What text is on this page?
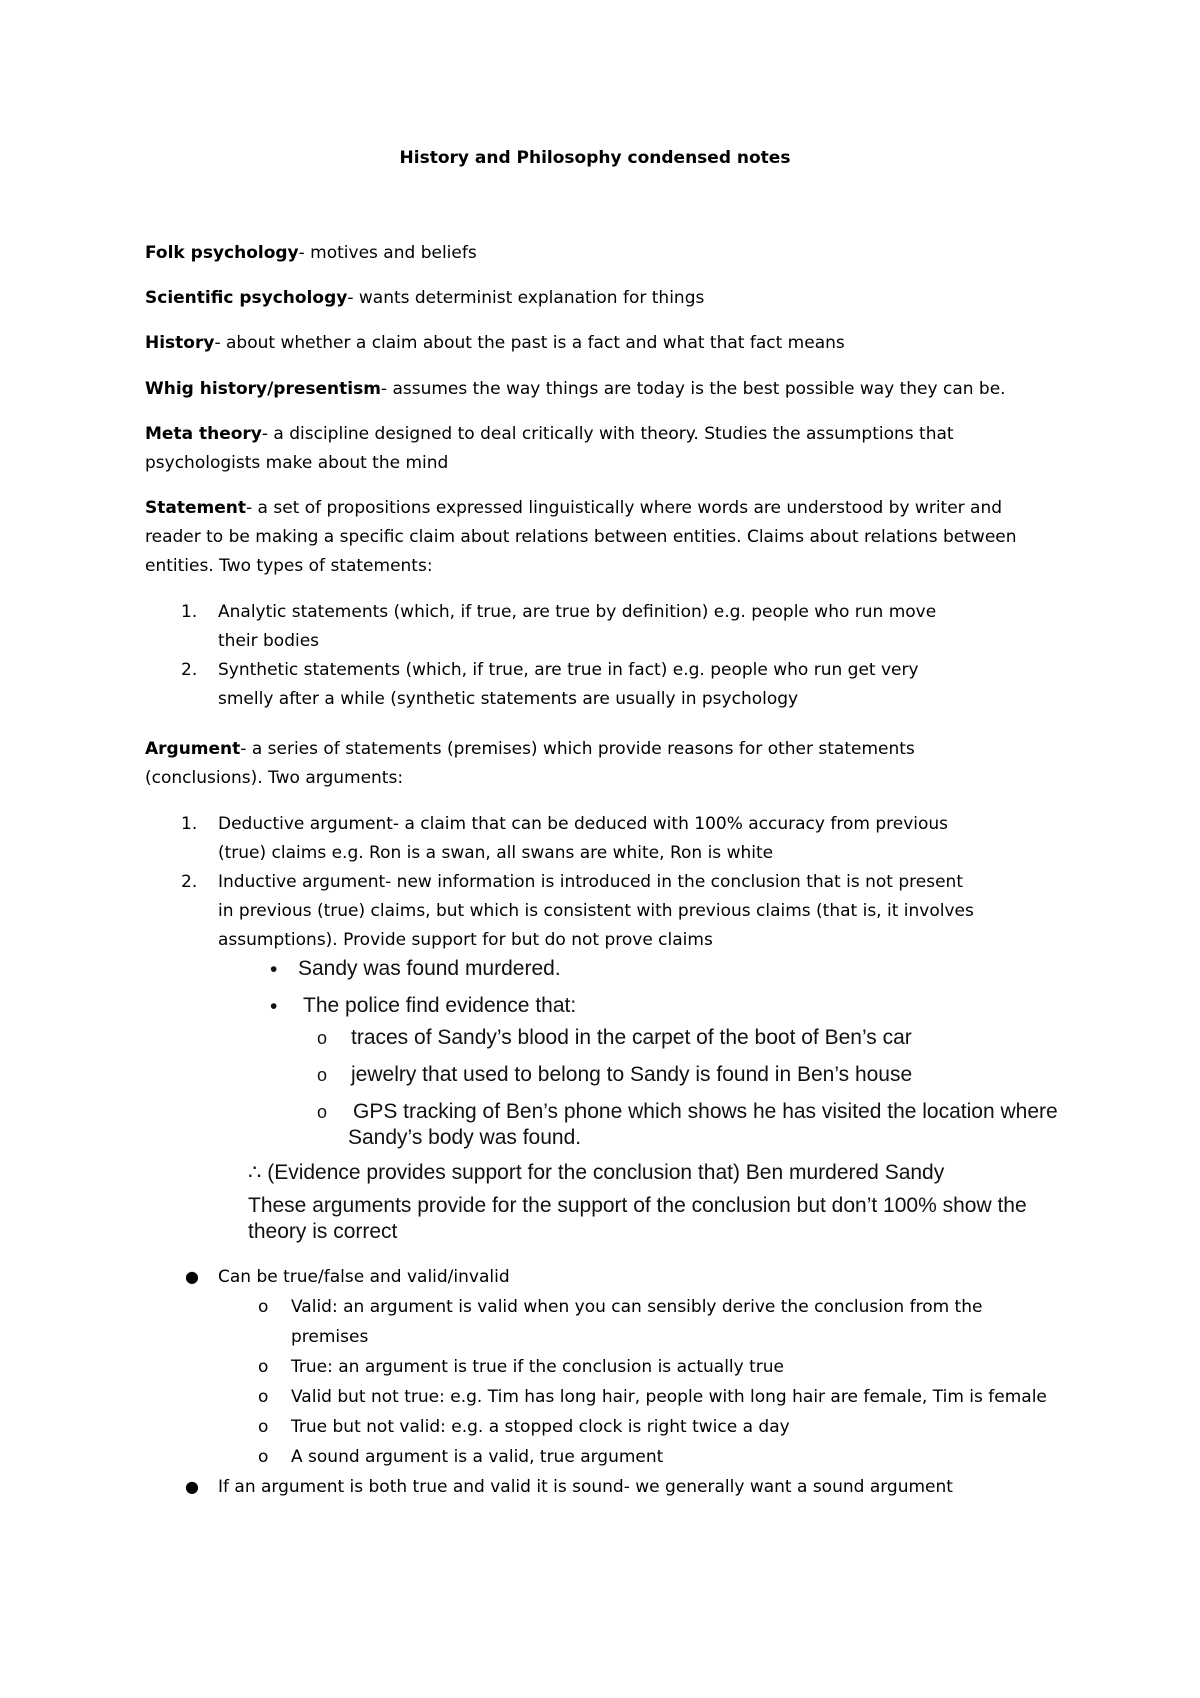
History and Philosophy condensed notes
Folk psychology- motives and beliefs
Scientific psychology- wants determinist explanation for things
History- about whether a claim about the past is a fact and what that fact means
Whig history/presentism- assumes the way things are today is the best possible way they can be.
Meta theory- a discipline designed to deal critically with theory. Studies the assumptions that psychologists make about the mind
Statement- a set of propositions expressed linguistically where words are understood by writer and reader to be making a specific claim about relations between entities. Claims about relations between entities. Two types of statements:
1. Analytic statements (which, if true, are true by definition) e.g. people who run move their bodies
2. Synthetic statements (which, if true, are true in fact) e.g. people who run get very smelly after a while (synthetic statements are usually in psychology
Argument- a series of statements (premises) which provide reasons for other statements (conclusions). Two arguments:
1. Deductive argument- a claim that can be deduced with 100% accuracy from previous (true) claims e.g. Ron is a swan, all swans are white, Ron is white
2. Inductive argument- new information is introduced in the conclusion that is not present in previous (true) claims, but which is consistent with previous claims (that is, it involves assumptions). Provide support for but do not prove claims
• Sandy was found murdered.
• The police find evidence that:
o traces of Sandy’s blood in the carpet of the boot of Ben’s car
o jewelry that used to belong to Sandy is found in Ben’s house
o GPS tracking of Ben’s phone which shows he has visited the location where
Sandy’s body was found.
∴ (Evidence provides support for the conclusion that) Ben murdered Sandy
These arguments provide for the support of the conclusion but don’t 100% show the
theory is correct
● Can be true/false and valid/invalid
o Valid: an argument is valid when you can sensibly derive the conclusion from the premises
o True: an argument is true if the conclusion is actually true
o Valid but not true: e.g. Tim has long hair, people with long hair are female, Tim is female
o True but not valid: e.g. a stopped clock is right twice a day
o A sound argument is a valid, true argument
● If an argument is both true and valid it is sound- we generally want a sound argument
